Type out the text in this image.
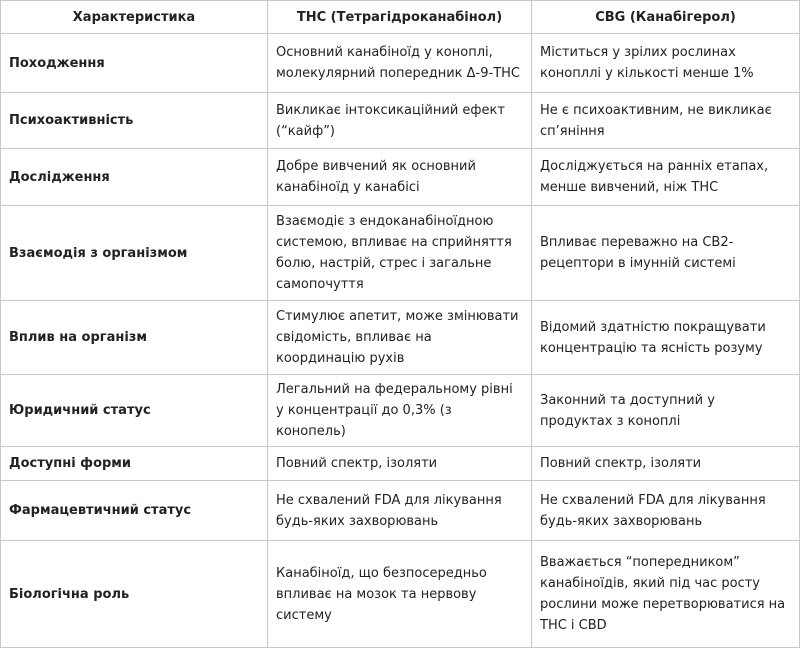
Характеристика	THC (Тетрагідроканабінол)	CBG (Канабігерол)
Походження	Основний канабіноїд у коноплі, молекулярний попередник Δ-9-THC	Міститься у зрілих рослинах конопллі у кількості менше 1%
Психоактивність	Викликає інтоксикаційний ефект (“кайф”)	Не є психоактивним, не викликає сп’яніння
Дослідження	Добре вивчений як основний канабіноїд у канабісі	Досліджується на ранніх етапах, менше вивчений, ніж THC
Взаємодія з організмом	Взаємодіє з ендоканабіноїдною системою, впливає на сприйняття болю, настрій, стрес і загальне самопочуття	Впливає переважно на CB2-рецептори в імунній системі
Вплив на організм	Стимулює апетит, може змінювати свідомість, впливає на координацію рухів	Відомий здатністю покращувати концентрацію та ясність розуму
Юридичний статус	Легальний на федеральному рівні у концентрації до 0,3% (з конопель)	Законний та доступний у продуктах з коноплі
Доступні форми	Повний спектр, ізоляти	Повний спектр, ізоляти
Фармацевтичний статус	Не схвалений FDA для лікування будь-яких захворювань	Не схвалений FDA для лікування будь-яких захворювань
Біологічна роль	Канабіноїд, що безпосередньо впливає на мозок та нервову систему	Вважається “попередником” канабіноїдів, який під час росту рослини може перетворюватися на THC і CBD
